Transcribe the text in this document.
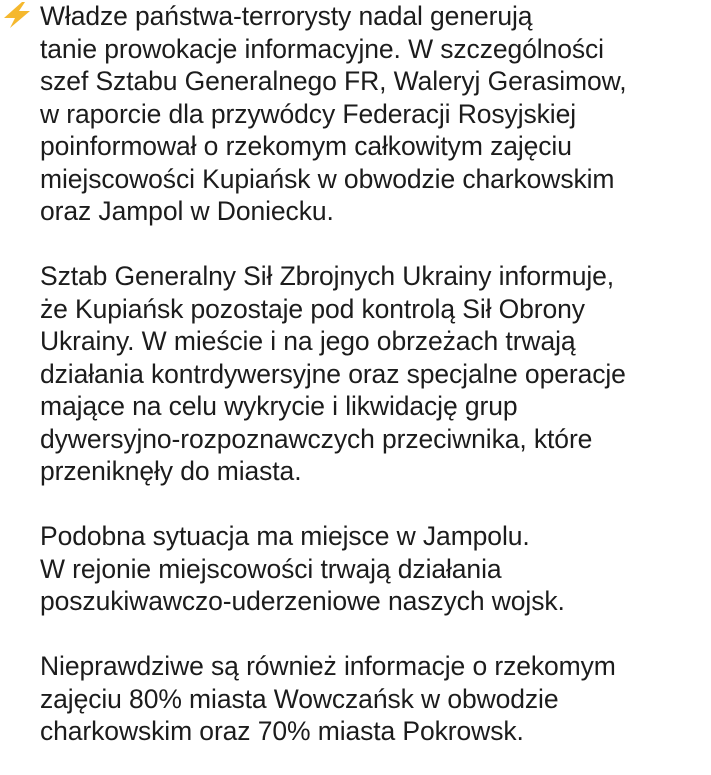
Władze państwa-terrorysty nadal generują
tanie prowokacje informacyjne. W szczególności
szef Sztabu Generalnego FR, Waleryj Gerasimow,
w raporcie dla przywódcy Federacji Rosyjskiej
poinformował o rzekomym całkowitym zajęciu
miejscowości Kupiańsk w obwodzie charkowskim
oraz Jampol w Doniecku.
Sztab Generalny Sił Zbrojnych Ukrainy informuje,
że Kupiańsk pozostaje pod kontrolą Sił Obrony
Ukrainy. W mieście i na jego obrzeżach trwają
działania kontrdywersyjne oraz specjalne operacje
mające na celu wykrycie i likwidację grup
dywersyjno-rozpoznawczych przeciwnika, które
przeniknęły do miasta.
Podobna sytuacja ma miejsce w Jampolu.
W rejonie miejscowości trwają działania
poszukiwawczo-uderzeniowe naszych wojsk.
Nieprawdziwe są również informacje o rzekomym
zajęciu 80% miasta Wowczańsk w obwodzie
charkowskim oraz 70% miasta Pokrowsk.
